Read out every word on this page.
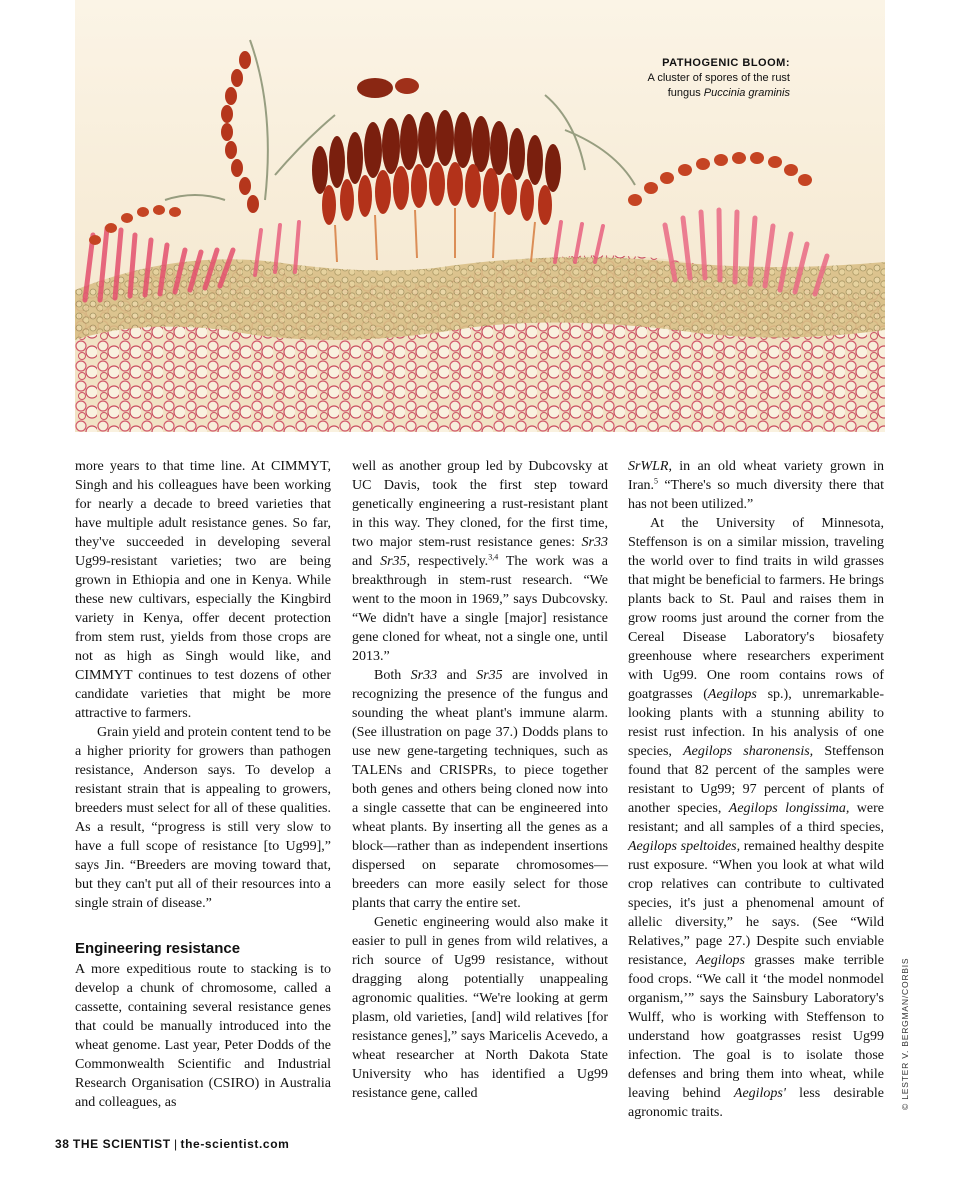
PATHOGENIC BLOOM:
A cluster of spores of the rust
fungus Puccinia graminis

more years to that time line. At CIMMYT, Singh and his colleagues have been working for nearly a decade to breed varieties that have multiple adult resistance genes. So far, they've succeeded in developing several Ug99-resistant varieties; two are being grown in Ethiopia and one in Kenya. While these new cultivars, especially the Kingbird variety in Kenya, offer decent protection from stem rust, yields from those crops are not as high as Singh would like, and CIMMYT continues to test dozens of other candidate varieties that might be more attractive to farmers.

Grain yield and protein content tend to be a higher priority for growers than pathogen resistance, Anderson says. To develop a resistant strain that is appealing to growers, breeders must select for all of these qualities. As a result, “progress is still very slow to have a full scope of resistance [to Ug99],” says Jin. “Breeders are moving toward that, but they can't put all of their resources into a single strain of disease.”

Engineering resistance

A more expeditious route to stacking is to develop a chunk of chromosome, called a cassette, containing several resistance genes that could be manually introduced into the wheat genome. Last year, Peter Dodds of the Commonwealth Scientific and Industrial Research Organisation (CSIRO) in Australia and colleagues, as

well as another group led by Dubcovsky at UC Davis, took the first step toward genetically engineering a rust-resistant plant in this way. They cloned, for the first time, two major stem-rust resistance genes: Sr33 and Sr35, respectively.$^{3,4}$ The work was a breakthrough in stem-rust research. “We went to the moon in 1969,” says Dubcovsky. “We didn't have a single [major] resistance gene cloned for wheat, not a single one, until 2013.”

Both Sr33 and Sr35 are involved in recognizing the presence of the fungus and sounding the wheat plant's immune alarm. (See illustration on page 37.) Dodds plans to use new gene-targeting techniques, such as TALENs and CRISPRs, to piece together both genes and others being cloned now into a single cassette that can be engineered into wheat plants. By inserting all the genes as a block—rather than as independent insertions dispersed on separate chromosomes—breeders can more easily select for those plants that carry the entire set.

Genetic engineering would also make it easier to pull in genes from wild relatives, a rich source of Ug99 resistance, without dragging along potentially unappealing agronomic qualities. “We're looking at germ plasm, old varieties, [and] wild relatives [for resistance genes],” says Maricelis Acevedo, a wheat researcher at North Dakota State University who has identified a Ug99 resistance gene, called

SrWLR, in an old wheat variety grown in Iran.$^5$ “There's so much diversity there that has not been utilized.”

At the University of Minnesota, Steffenson is on a similar mission, traveling the world over to find traits in wild grasses that might be beneficial to farmers. He brings plants back to St. Paul and raises them in grow rooms just around the corner from the Cereal Disease Laboratory's biosafety greenhouse where researchers experiment with Ug99. One room contains rows of goatgrasses (Aegilops sp.), unremarkable-looking plants with a stunning ability to resist rust infection. In his analysis of one species, Aegilops sharonensis, Steffenson found that 82 percent of the samples were resistant to Ug99; 97 percent of plants of another species, Aegilops longissima, were resistant; and all samples of a third species, Aegilops speltoides, remained healthy despite rust exposure. “When you look at what wild crop relatives can contribute to cultivated species, it's just a phenomenal amount of allelic diversity,” he says. (See “Wild Relatives,” page 27.) Despite such enviable resistance, Aegilops grasses make terrible food crops. “We call it ‘the model nonmodel organism,’” says the Sainsbury Laboratory's Wulff, who is working with Steffenson to understand how goatgrasses resist Ug99 infection. The goal is to isolate those defenses and bring them into wheat, while leaving behind Aegilops' less desirable agronomic traits.

© LESTER V. BERGMAN/CORBIS
38 THE SCIENTIST | the-scientist.com
